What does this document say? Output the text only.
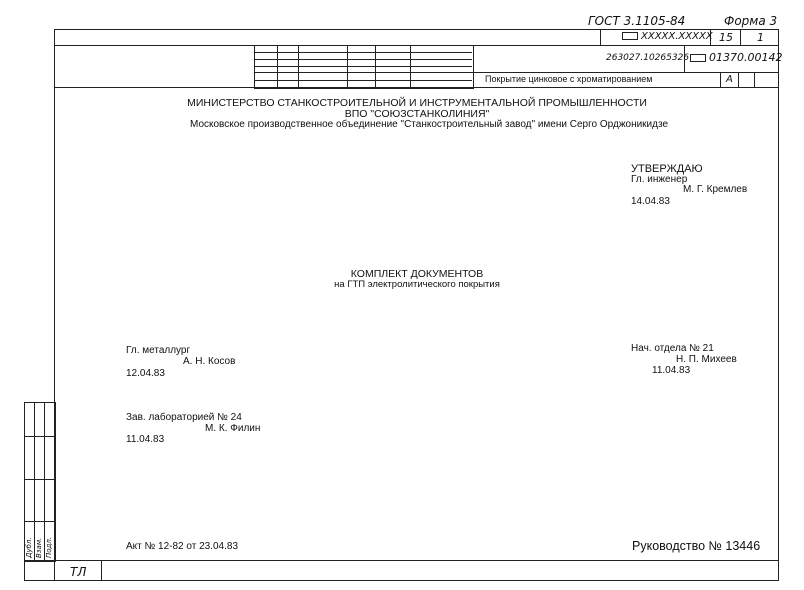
ГОСТ 3.1105-84	Форма 3
ТЛ
XXXXX.XXXXX 15 1
263027.10265326	01370.00142
Покрытие цинковое с хроматированием	А
МИНИСТЕРСТВО СТАНКОСТРОИТЕЛЬНОЙ И ИНСТРУМЕНТАЛЬНОЙ ПРОМЫШЛЕННОСТИ
ВПО "СОЮЗСТАНКОЛИНИЯ"
Московское производственное объединение "Станкостроительный завод" имени Серго Орджоникидзе
УТВЕРЖДАЮ
Гл. инженер
М. Г. Кремлев
14.04.83
КОМПЛЕКТ ДОКУМЕНТОВ
на ГТП электролитического покрытия
Гл. металлург
А. Н. Косов
12.04.83
Нач. отдела № 21
Н. П. Михеев
11.04.83
Зав. лабораторией № 24
М. К. Филин
11.04.83
Акт № 12-82 от 23.04.83	Руководство № 13446
Дубл. Взам. Подл.
